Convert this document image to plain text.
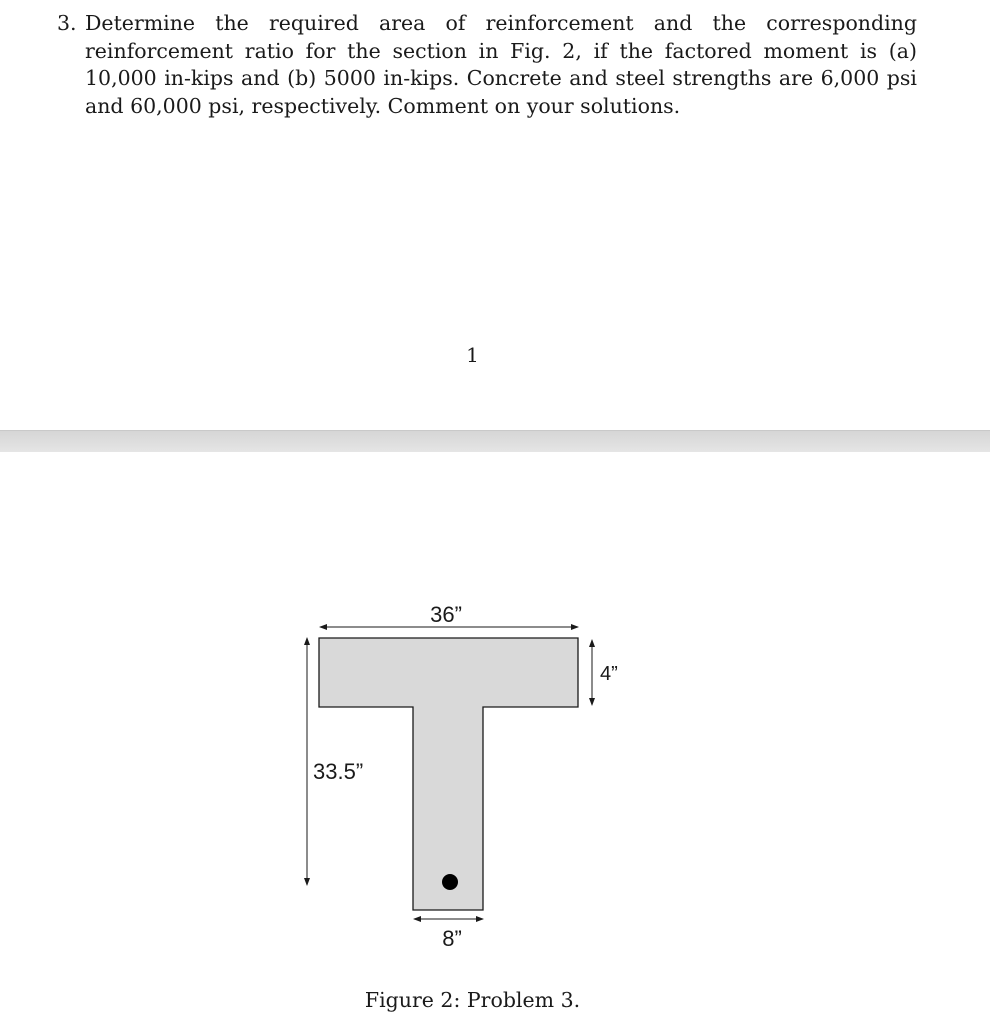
3. Determine the required area of reinforcement and the corresponding reinforcement ratio for the section in Fig. 2, if the factored moment is (a) 10,000 in-kips and (b) 5000 in-kips. Concrete and steel strengths are 6,000 psi and 60,000 psi, respectively. Comment on your solutions.
1
36”
4”
33.5”
8”
Figure 2: Problem 3.
